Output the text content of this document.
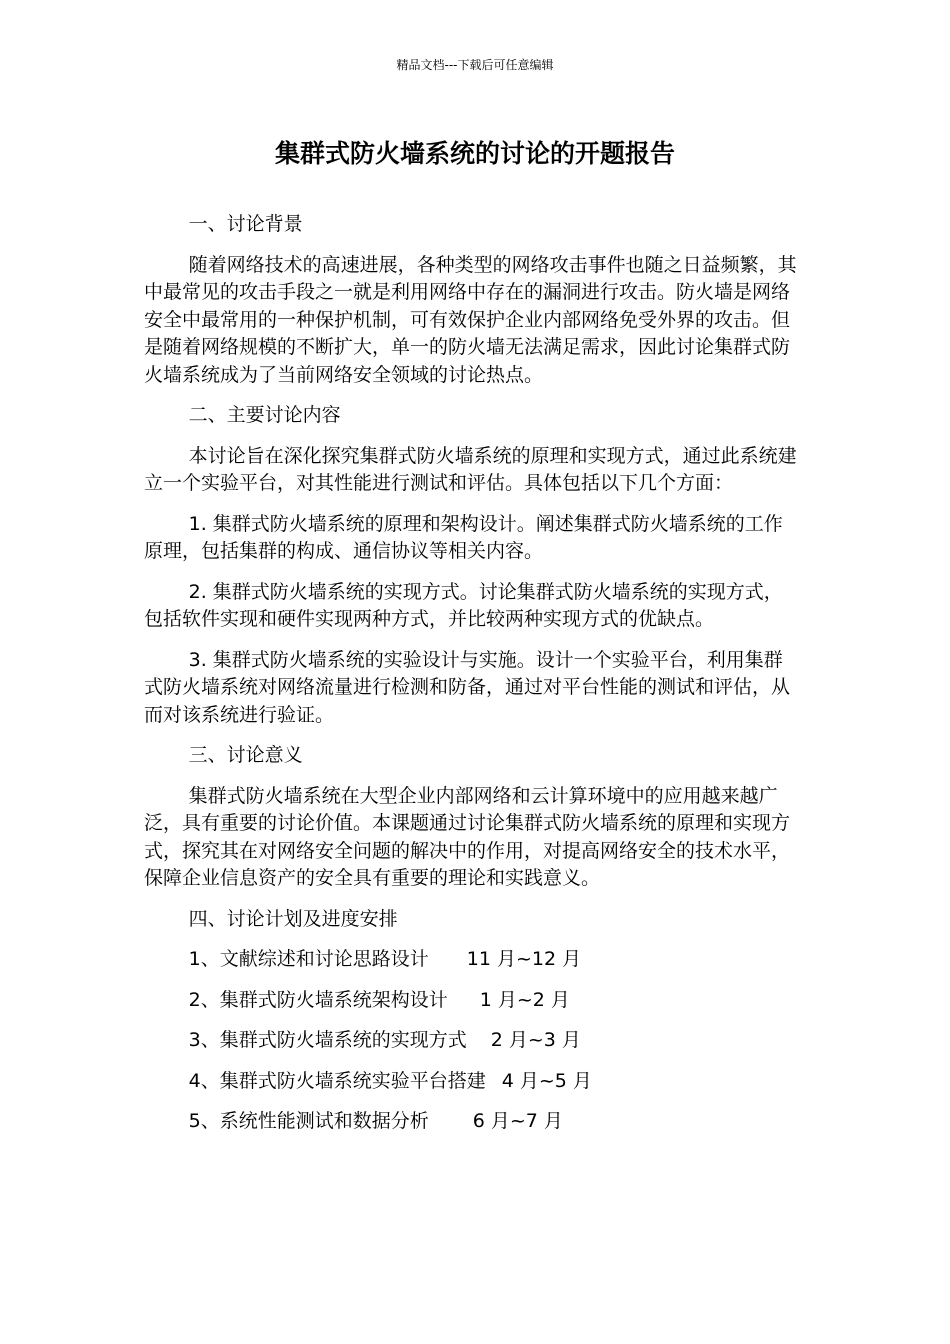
精品文档---下载后可任意编辑
集群式防火墙系统的讨论的开题报告
一、讨论背景

随着网络技术的高速进展，各种类型的网络攻击事件也随之日益频繁，其中最常见的攻击手段之一就是利用网络中存在的漏洞进行攻击。防火墙是网络安全中最常用的一种保护机制，可有效保护企业内部网络免受外界的攻击。但是随着网络规模的不断扩大，单一的防火墙无法满足需求，因此讨论集群式防火墙系统成为了当前网络安全领域的讨论热点。

二、主要讨论内容

本讨论旨在深化探究集群式防火墙系统的原理和实现方式，通过此系统建立一个实验平台，对其性能进行测试和评估。具体包括以下几个方面：

1. 集群式防火墙系统的原理和架构设计。阐述集群式防火墙系统的工作原理，包括集群的构成、通信协议等相关内容。

2. 集群式防火墙系统的实现方式。讨论集群式防火墙系统的实现方式，包括软件实现和硬件实现两种方式，并比较两种实现方式的优缺点。

3. 集群式防火墙系统的实验设计与实施。设计一个实验平台，利用集群式防火墙系统对网络流量进行检测和防备，通过对平台性能的测试和评估，从而对该系统进行验证。

三、讨论意义

集群式防火墙系统在大型企业内部网络和云计算环境中的应用越来越广泛，具有重要的讨论价值。本课题通过讨论集群式防火墙系统的原理和实现方式，探究其在对网络安全问题的解决中的作用，对提高网络安全的技术水平，保障企业信息资产的安全具有重要的理论和实践意义。

四、讨论计划及进度安排
1、文献综述和讨论思路设计 11 月~12 月
2、集群式防火墙系统架构设计 1 月~2 月
3、集群式防火墙系统的实现方式 2 月~3 月
4、集群式防火墙系统实验平台搭建 4 月~5 月
5、系统性能测试和数据分析 6 月~7 月
